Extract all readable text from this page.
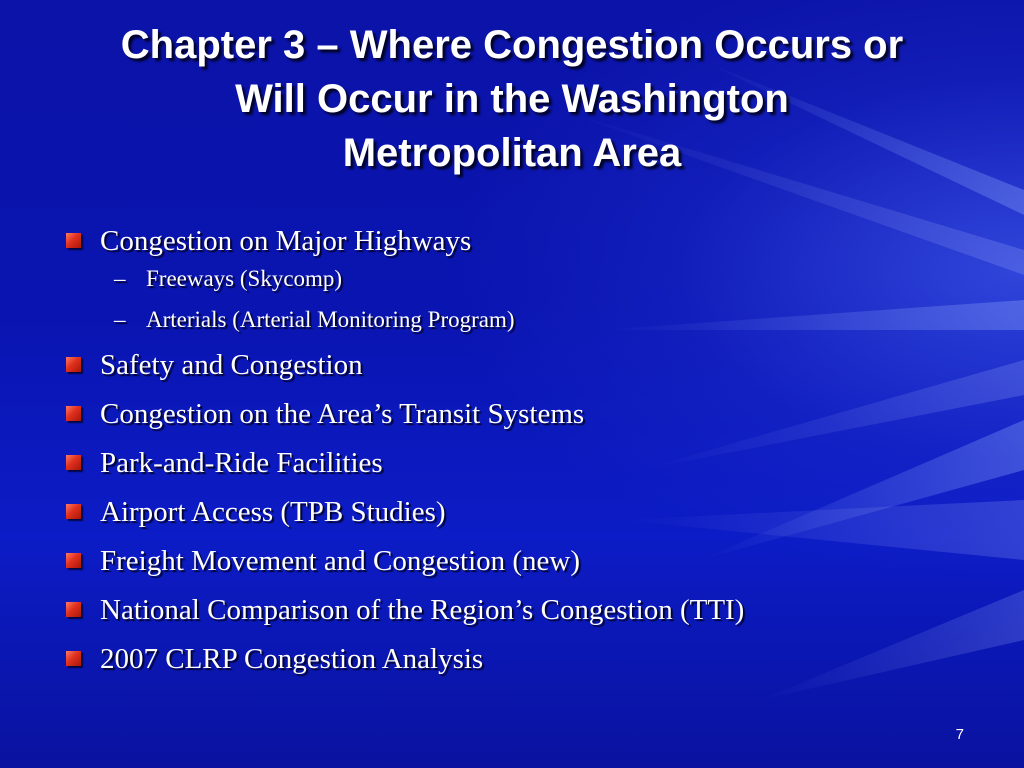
Chapter 3 – Where Congestion Occurs or
Will Occur in the Washington
Metropolitan Area
Congestion on Major Highways
– Freeways (Skycomp)
– Arterials (Arterial Monitoring Program)
Safety and Congestion
Congestion on the Area’s Transit Systems
Park-and-Ride Facilities
Airport Access (TPB Studies)
Freight Movement and Congestion (new)
National Comparison of the Region’s Congestion (TTI)
2007 CLRP Congestion Analysis
7
